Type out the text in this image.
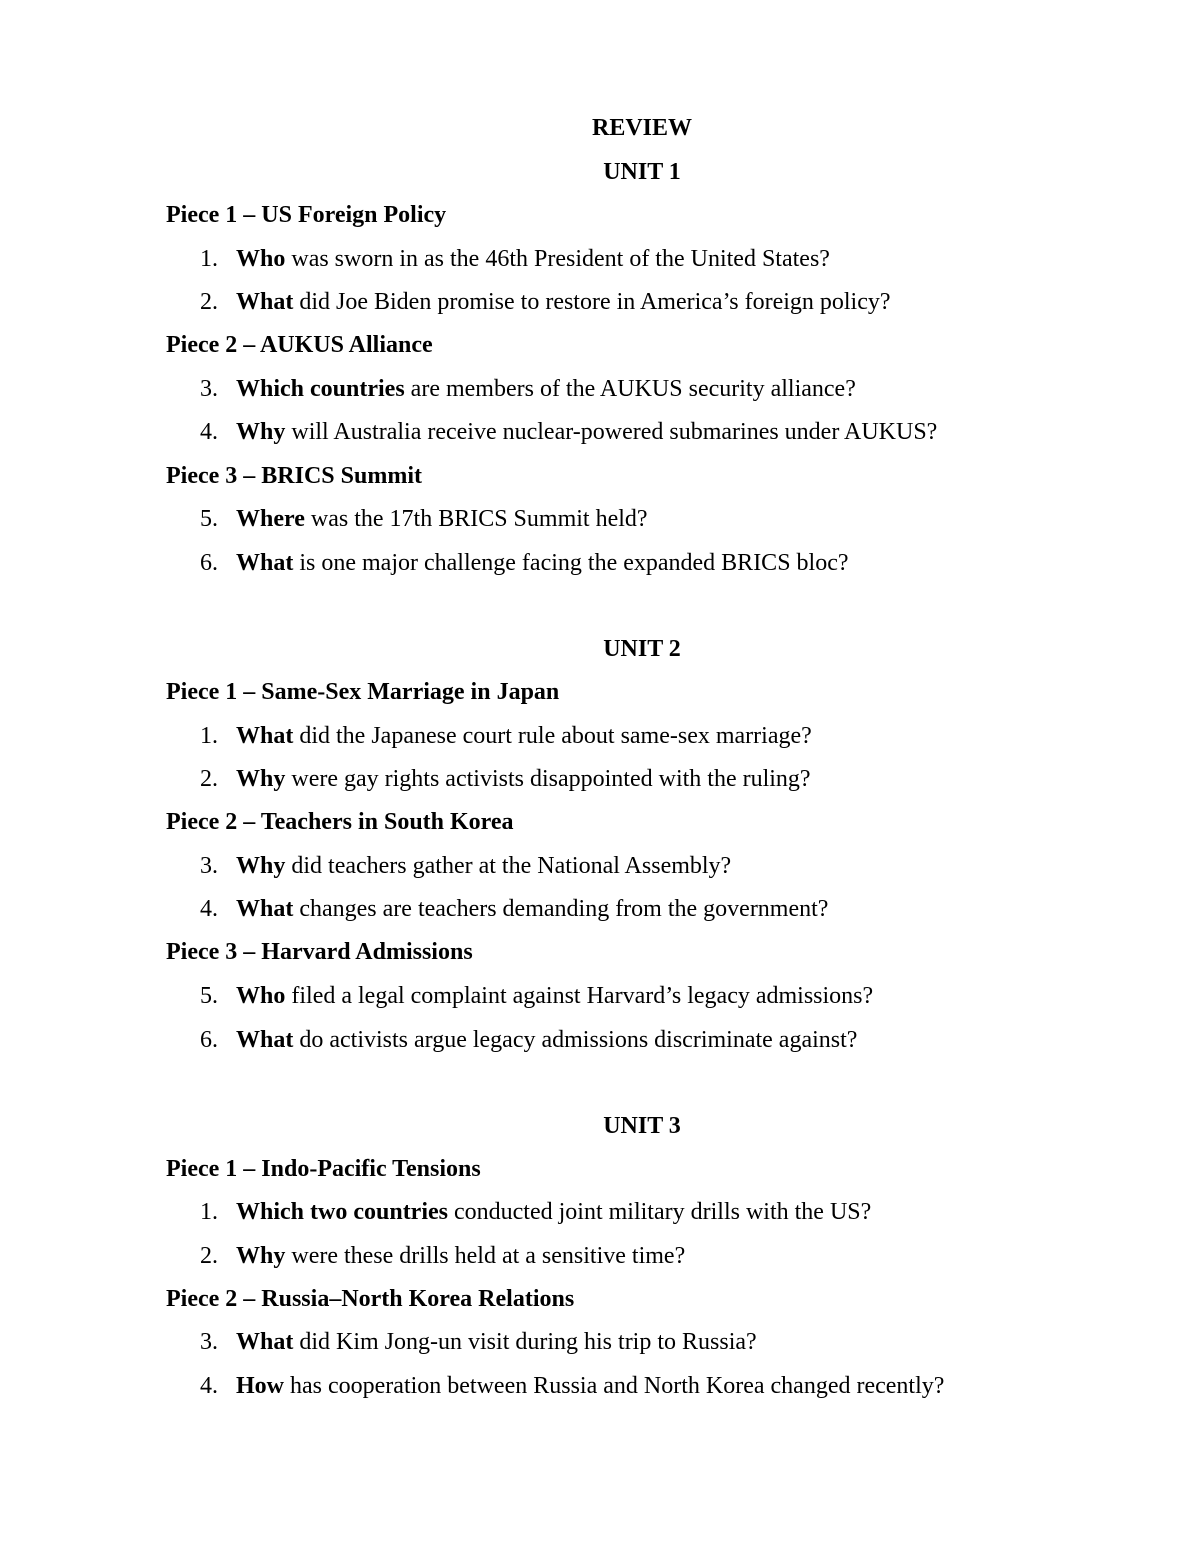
REVIEW
UNIT 1
Piece 1 – US Foreign Policy
1. Who was sworn in as the 46th President of the United States?
2. What did Joe Biden promise to restore in America’s foreign policy?
Piece 2 – AUKUS Alliance
3. Which countries are members of the AUKUS security alliance?
4. Why will Australia receive nuclear-powered submarines under AUKUS?
Piece 3 – BRICS Summit
5. Where was the 17th BRICS Summit held?
6. What is one major challenge facing the expanded BRICS bloc?
UNIT 2
Piece 1 – Same-Sex Marriage in Japan
1. What did the Japanese court rule about same-sex marriage?
2. Why were gay rights activists disappointed with the ruling?
Piece 2 – Teachers in South Korea
3. Why did teachers gather at the National Assembly?
4. What changes are teachers demanding from the government?
Piece 3 – Harvard Admissions
5. Who filed a legal complaint against Harvard’s legacy admissions?
6. What do activists argue legacy admissions discriminate against?
UNIT 3
Piece 1 – Indo-Pacific Tensions
1. Which two countries conducted joint military drills with the US?
2. Why were these drills held at a sensitive time?
Piece 2 – Russia–North Korea Relations
3. What did Kim Jong-un visit during his trip to Russia?
4. How has cooperation between Russia and North Korea changed recently?
